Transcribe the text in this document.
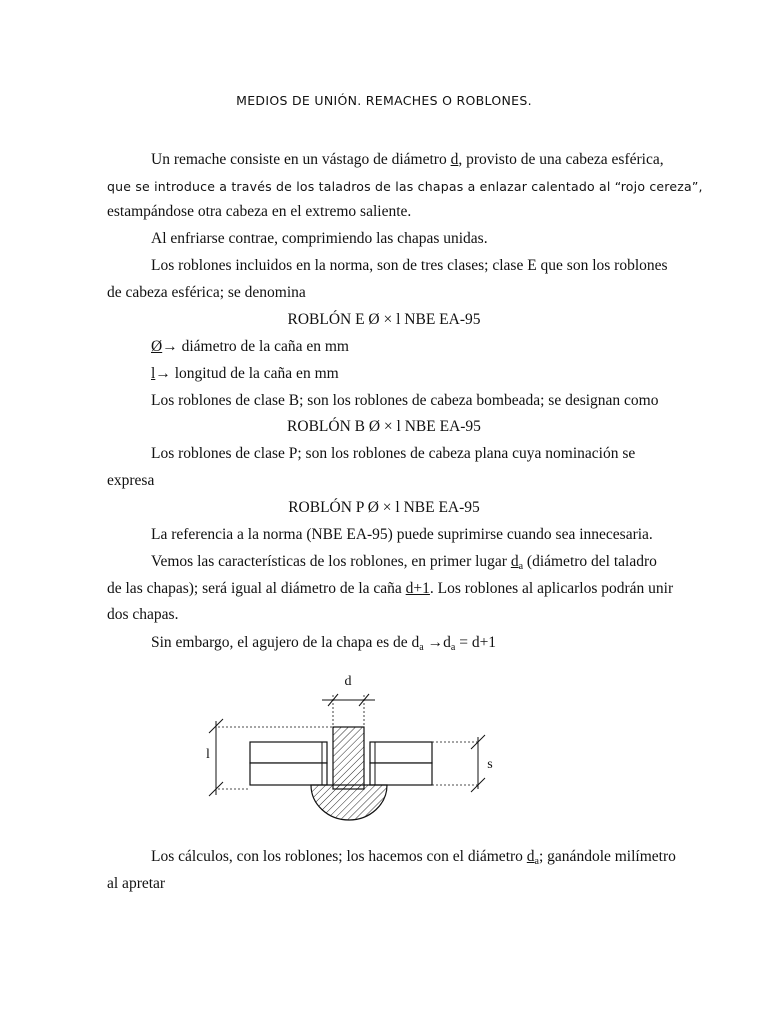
MEDIOS DE UNIÓN. REMACHES O ROBLONES.
Un remache consiste en un vástago de diámetro d, provisto de una cabeza esférica,
que se introduce a través de los taladros de las chapas a enlazar calentado al “rojo cereza”,
estampándose otra cabeza en el extremo saliente.
Al enfriarse contrae, comprimiendo las chapas unidas.
Los roblones incluidos en la norma, son de tres clases; clase E que son los roblones
de cabeza esférica; se denomina
ROBLÓN E Ø × l NBE EA-95
Ø→ diámetro de la caña en mm
l→ longitud de la caña en mm
Los roblones de clase B; son los roblones de cabeza bombeada; se designan como
ROBLÓN B Ø × l NBE EA-95
Los roblones de clase P; son los roblones de cabeza plana cuya nominación se
expresa
ROBLÓN P Ø × l NBE EA-95
La referencia a la norma (NBE EA-95) puede suprimirse cuando sea innecesaria.
Vemos las características de los roblones, en primer lugar $d_a$ (diámetro del taladro
de las chapas); será igual al diámetro de la caña d+1. Los roblones al aplicarlos podrán unir
dos chapas.
Sin embargo, el agujero de la chapa es de $d_a \to d_a = d+1$
d
l
s
Los cálculos, con los roblones; los hacemos con el diámetro $d_a$; ganándole milímetro
al apretar
